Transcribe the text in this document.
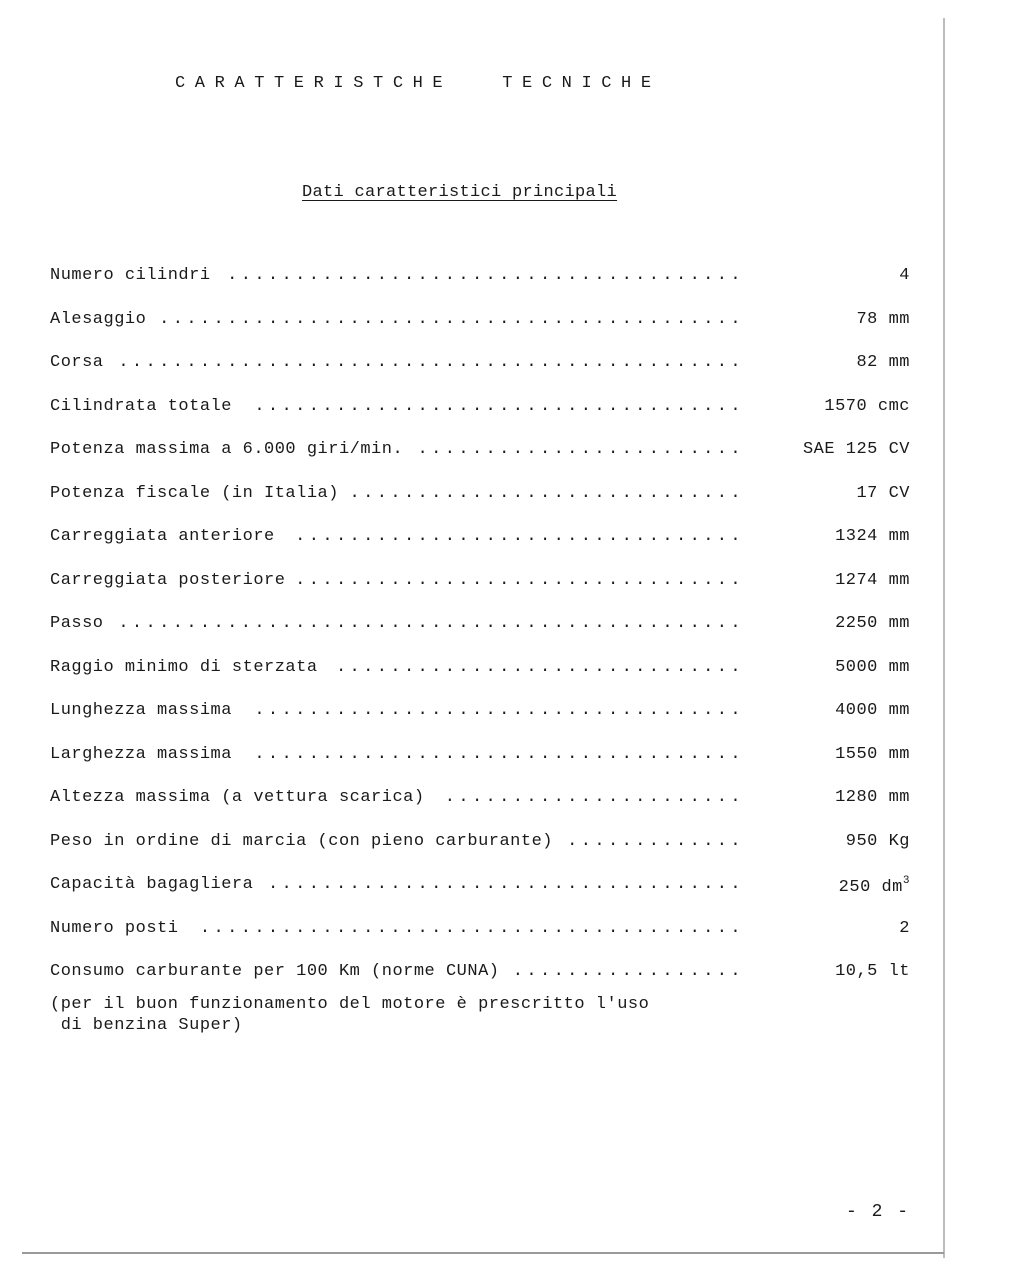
CARATTERISTCHE	TECNICHE
Dati caratteristici principali
Numero cilindri ......................................	4
Alesaggio ...........................................	78 mm
Corsa ..............................................	82 mm
Cilindrata totale ....................................	1570 cmc
Potenza massima a 6.000 giri/min. ........................	SAE 125 CV
Potenza fiscale (in Italia) .............................	17 CV
Carreggiata anteriore .................................	1324 mm
Carreggiata posteriore .................................	1274 mm
Passo ..............................................	2250 mm
Raggio minimo di sterzata ..............................	5000 mm
Lunghezza massima ....................................	4000 mm
Larghezza massima ....................................	1550 mm
Altezza massima (a vettura scarica) ......................	1280 mm
Peso in ordine di marcia (con pieno carburante) .............	950 Kg
Capacità bagagliera ...................................	250 $dm^3$
Numero posti ........................................	2
Consumo carburante per 100 Km (norme CUNA) .................	10,5 lt
(per il buon funzionamento del motore è prescritto l'uso
di benzina Super)
- 2 -
